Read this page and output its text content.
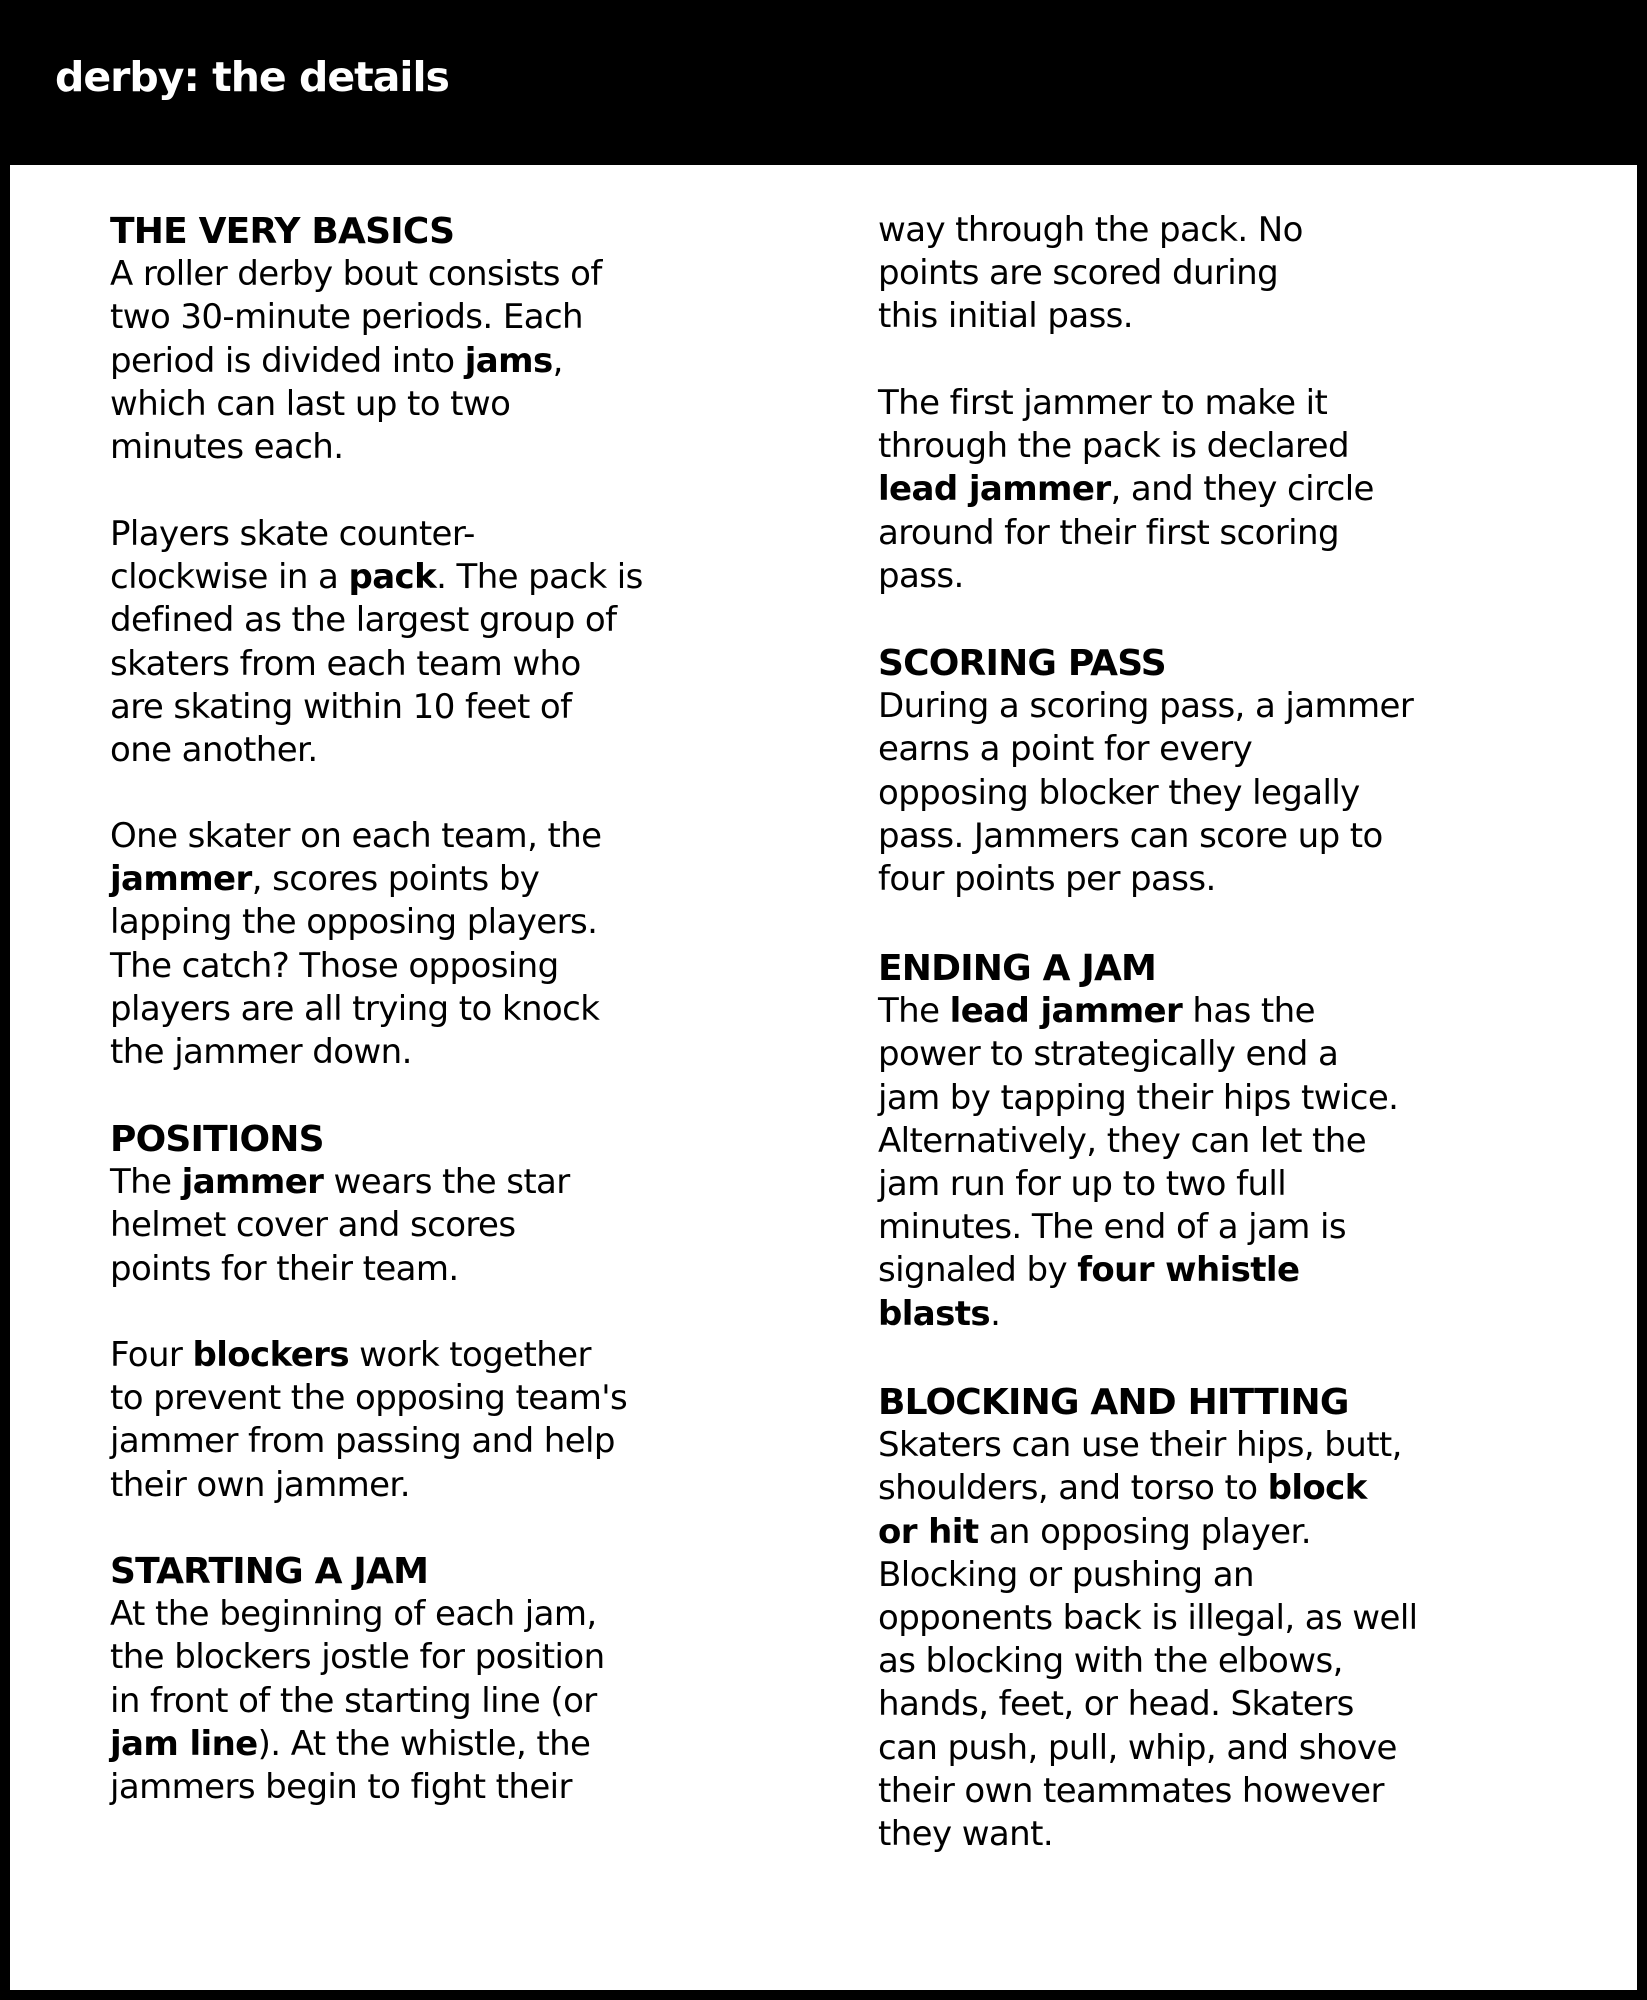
derby: the details
THE VERY BASICS
A roller derby bout consists of
two 30-minute periods. Each
period is divided into jams,
which can last up to two
minutes each.
Players skate counter-
clockwise in a pack. The pack is
defined as the largest group of
skaters from each team who
are skating within 10 feet of
one another.
One skater on each team, the
jammer, scores points by
lapping the opposing players.
The catch? Those opposing
players are all trying to knock
the jammer down.
POSITIONS
The jammer wears the star
helmet cover and scores
points for their team.
Four blockers work together
to prevent the opposing team's
jammer from passing and help
their own jammer.
STARTING A JAM
At the beginning of each jam,
the blockers jostle for position
in front of the starting line (or
jam line). At the whistle, the
jammers begin to fight their
way through the pack. No
points are scored during
this initial pass.
The first jammer to make it
through the pack is declared
lead jammer, and they circle
around for their first scoring
pass.
SCORING PASS
During a scoring pass, a jammer
earns a point for every
opposing blocker they legally
pass. Jammers can score up to
four points per pass.
ENDING A JAM
The lead jammer has the
power to strategically end a
jam by tapping their hips twice.
Alternatively, they can let the
jam run for up to two full
minutes. The end of a jam is
signaled by four whistle
blasts.
BLOCKING AND HITTING
Skaters can use their hips, butt,
shoulders, and torso to block
or hit an opposing player.
Blocking or pushing an
opponents back is illegal, as well
as blocking with the elbows,
hands, feet, or head. Skaters
can push, pull, whip, and shove
their own teammates however
they want.
